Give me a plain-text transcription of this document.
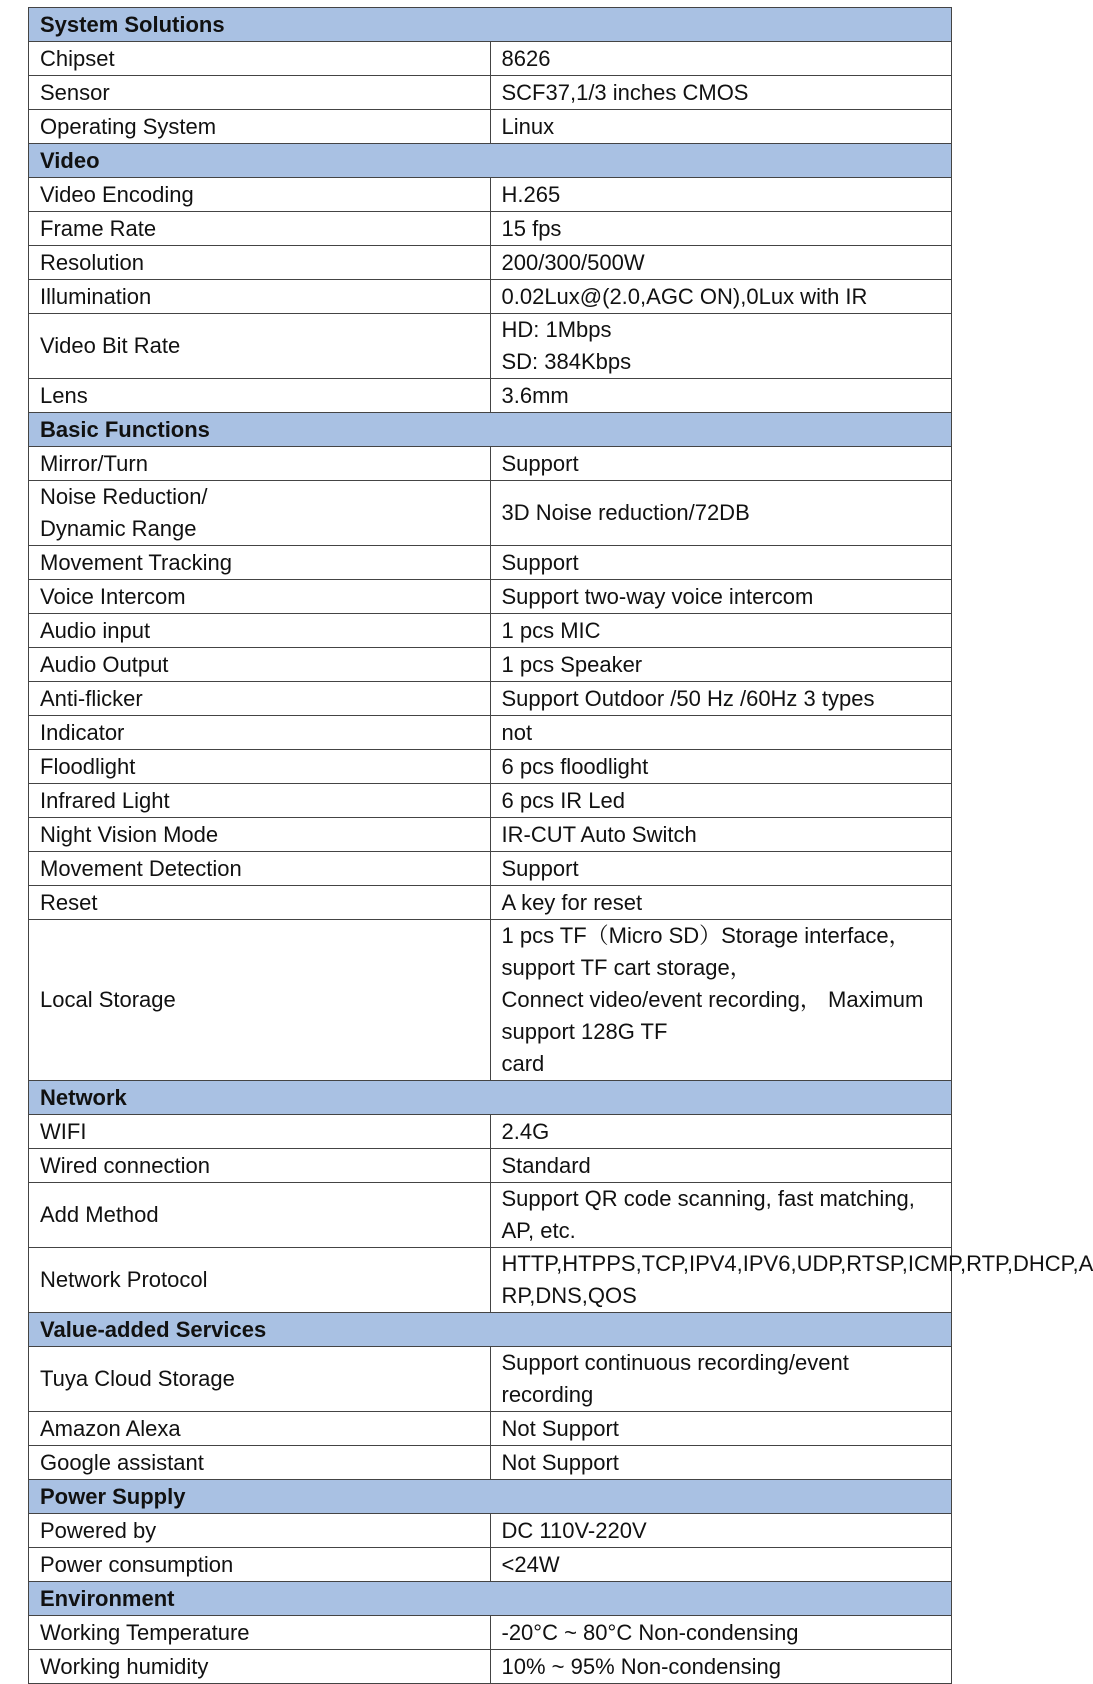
System Solutions	

Chipset	8626

Sensor	SCF37,1/3 inches CMOS

Operating System	Linux

Video	

Video Encoding	H.265

Frame Rate	15 fps

Resolution	200/300/500W

Illumination	0.02Lux@(2.0,AGC ON),0Lux with IR

Video Bit Rate	HD: 1Mbps
SD: 384Kbps

Lens	3.6mm

Basic Functions	

Mirror/Turn	Support

Noise Reduction/
Dynamic Range	3D Noise reduction/72DB

Movement Tracking	Support

Voice Intercom	Support two-way voice intercom

Audio input	1 pcs MIC

Audio Output	1 pcs Speaker

Anti-flicker	Support Outdoor /50 Hz /60Hz 3 types

Indicator	not

Floodlight	6 pcs floodlight

Infrared Light	6 pcs IR Led

Night Vision Mode	IR-CUT Auto Switch

Movement Detection	Support

Reset	A key for reset

Local Storage	1 pcs TF（Micro SD）Storage interface，support TF cart storage，
Connect video/event recording， Maximum support 128G TF
card

Network	

WIFI	2.4G

Wired connection	Standard

Add Method	Support QR code scanning, fast matching, AP, etc.

Network Protocol	HTTP,HTPPS,TCP,IPV4,IPV6,UDP,RTSP,ICMP,RTP,DHCP,A
RP,DNS,QOS

Value-added Services	

Tuya Cloud Storage	Support continuous recording/event recording

Amazon Alexa	Not Support

Google assistant	Not Support

Power Supply	

Powered by	DC 110V-220V

Power consumption	<24W

Environment	

Working Temperature	-20°C ~ 80°C Non-condensing

Working humidity	10% ~ 95% Non-condensing
